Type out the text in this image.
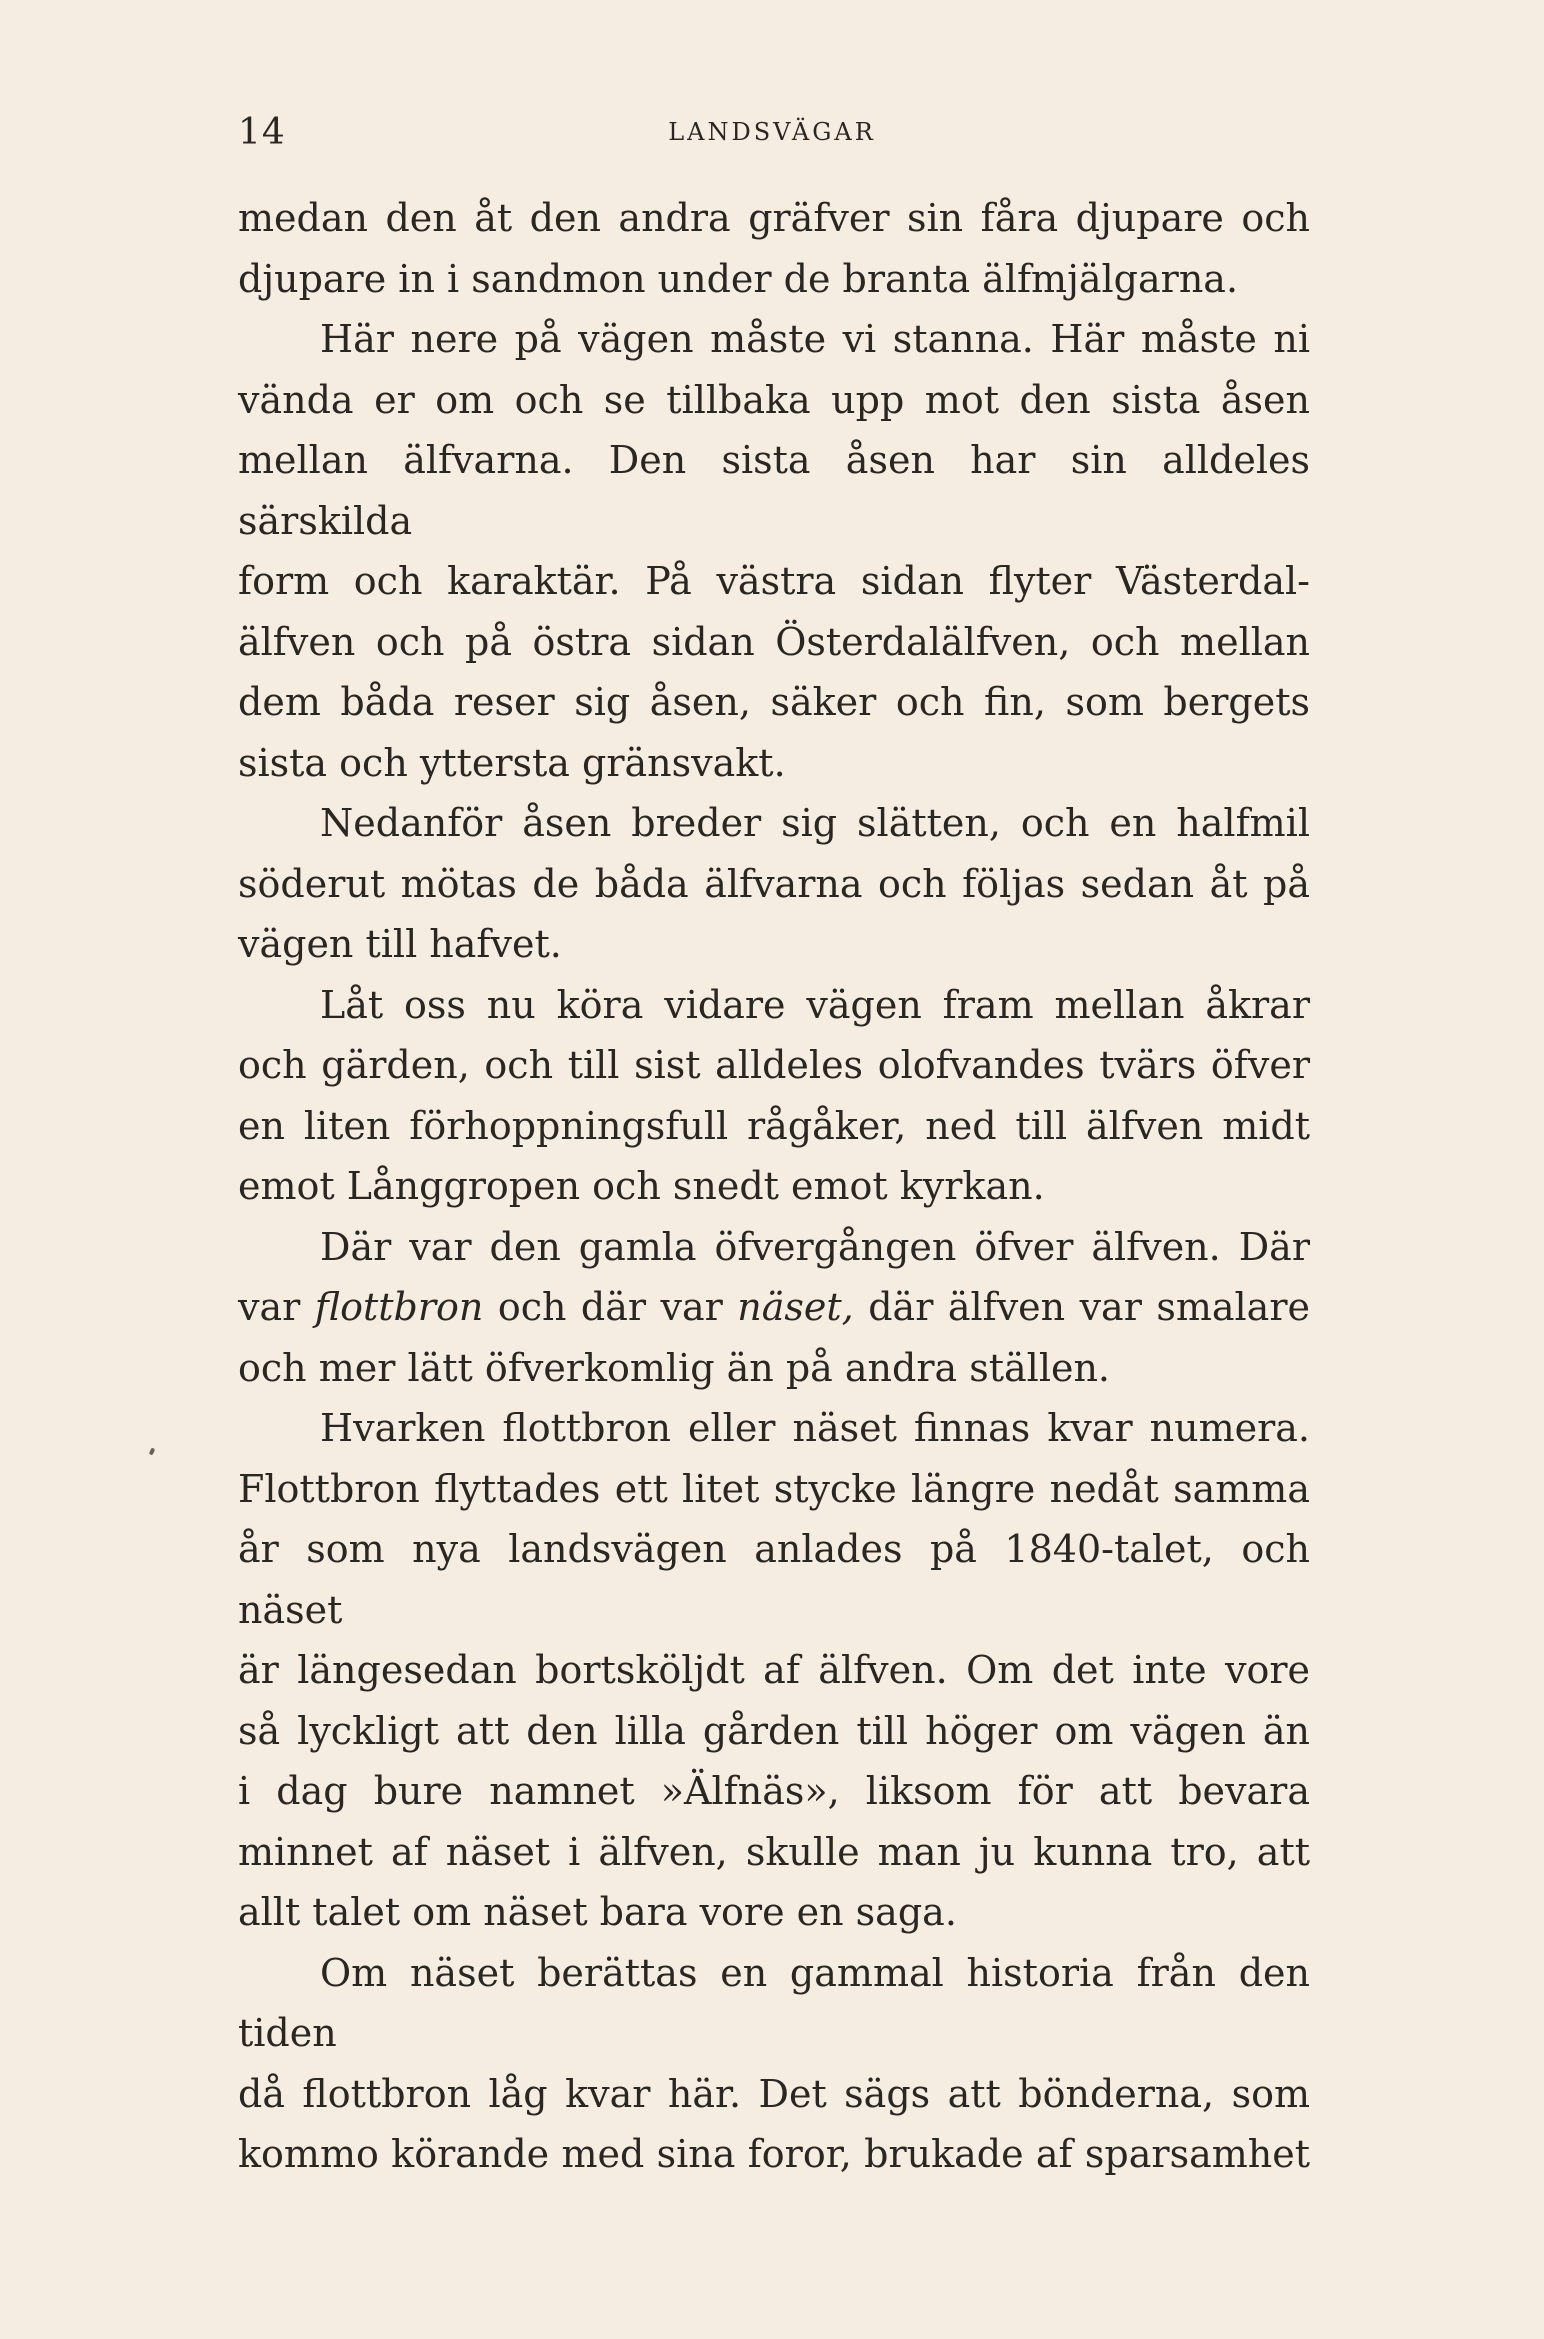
14	LANDSVÄGAR

medan den åt den andra gräfver sin fåra djupare och
djupare in i sandmon under de branta älfmjälgarna.

Här nere på vägen måste vi stanna. Här måste ni
vända er om och se tillbaka upp mot den sista åsen
mellan älfvarna. Den sista åsen har sin alldeles särskilda
form och karaktär. På västra sidan flyter Västerdal-
älfven och på östra sidan Österdalälfven, och mellan
dem båda reser sig åsen, säker och fin, som bergets
sista och yttersta gränsvakt.

Nedanför åsen breder sig slätten, och en halfmil
söderut mötas de båda älfvarna och följas sedan åt på
vägen till hafvet.

Låt oss nu köra vidare vägen fram mellan åkrar
och gärden, och till sist alldeles olofvandes tvärs öfver
en liten förhoppningsfull rågåker, ned till älfven midt
emot Långgropen och snedt emot kyrkan.

Där var den gamla öfvergången öfver älfven. Där
var flottbron och där var näset, där älfven var smalare
och mer lätt öfverkomlig än på andra ställen.

Hvarken flottbron eller näset finnas kvar numera.
Flottbron flyttades ett litet stycke längre nedåt samma
år som nya landsvägen anlades på 1840-talet, och näset
är längesedan bortsköljdt af älfven. Om det inte vore
så lyckligt att den lilla gården till höger om vägen än
i dag bure namnet »Älfnäs», liksom för att bevara
minnet af näset i älfven, skulle man ju kunna tro, att
allt talet om näset bara vore en saga.

Om näset berättas en gammal historia från den tiden
då flottbron låg kvar här. Det sägs att bönderna, som
kommo körande med sina foror, brukade af sparsamhet
